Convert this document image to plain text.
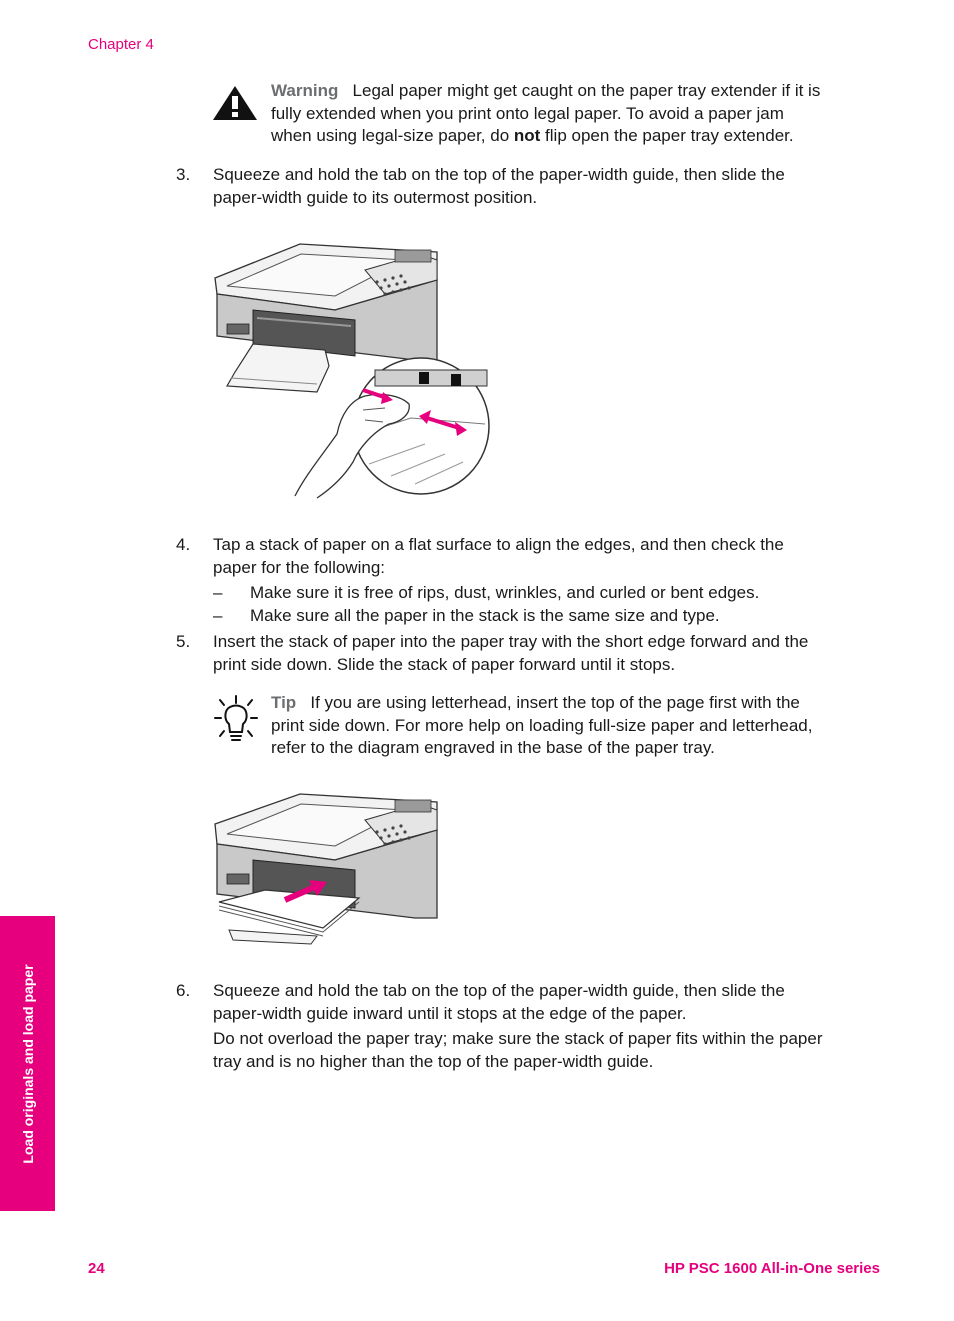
Chapter 4
Warning Legal paper might get caught on the paper tray extender if it is
fully extended when you print onto legal paper. To avoid a paper jam
when using legal-size paper, do not flip open the paper tray extender.
3. Squeeze and hold the tab on the top of the paper-width guide, then slide the
paper-width guide to its outermost position.
4. Tap a stack of paper on a flat surface to align the edges, and then check the
paper for the following:
– Make sure it is free of rips, dust, wrinkles, and curled or bent edges.
– Make sure all the paper in the stack is the same size and type.
5. Insert the stack of paper into the paper tray with the short edge forward and the
print side down. Slide the stack of paper forward until it stops.
Tip If you are using letterhead, insert the top of the page first with the
print side down. For more help on loading full-size paper and letterhead,
refer to the diagram engraved in the base of the paper tray.
6. Squeeze and hold the tab on the top of the paper-width guide, then slide the
paper-width guide inward until it stops at the edge of the paper.
Do not overload the paper tray; make sure the stack of paper fits within the paper
tray and is no higher than the top of the paper-width guide.
Load originals and load paper
24	HP PSC 1600 All-in-One series
